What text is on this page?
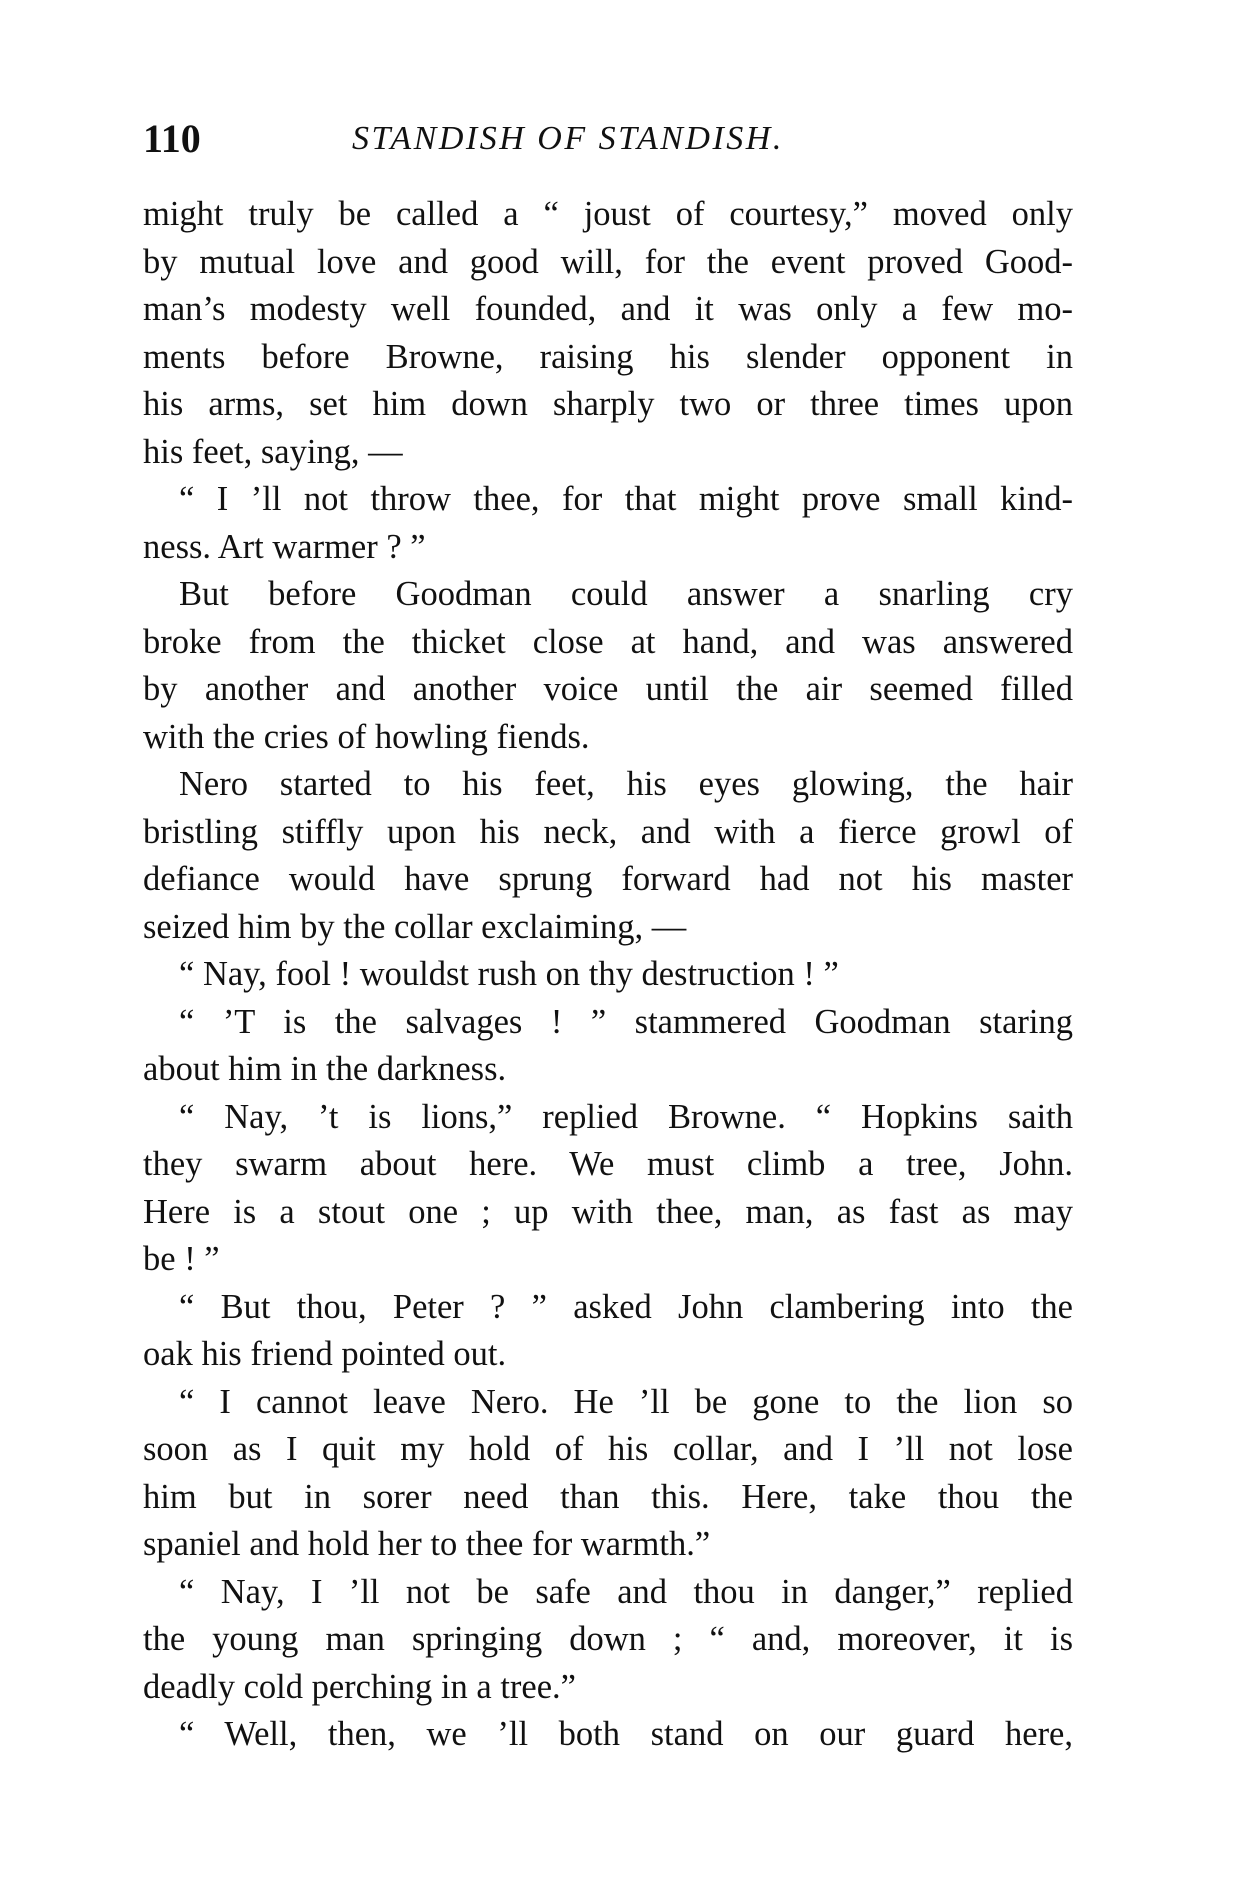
110	STANDISH OF STANDISH.
might truly be called a “ joust of courtesy,” moved only
by mutual love and good will, for the event proved Good-
man’s modesty well founded, and it was only a few mo-
ments before Browne, raising his slender opponent in
his arms, set him down sharply two or three times upon
his feet, saying, —
“ I ’ll not throw thee, for that might prove small kind-
ness. Art warmer ? ”
But before Goodman could answer a snarling cry
broke from the thicket close at hand, and was answered
by another and another voice until the air seemed filled
with the cries of howling fiends.
Nero started to his feet, his eyes glowing, the hair
bristling stiffly upon his neck, and with a fierce growl of
defiance would have sprung forward had not his master
seized him by the collar exclaiming, —
“ Nay, fool ! wouldst rush on thy destruction ! ”
“ ’T is the salvages ! ” stammered Goodman staring
about him in the darkness.
“ Nay, ’t is lions,” replied Browne. “ Hopkins saith
they swarm about here. We must climb a tree, John.
Here is a stout one ; up with thee, man, as fast as may
be ! ”
“ But thou, Peter ? ” asked John clambering into the
oak his friend pointed out.
“ I cannot leave Nero. He ’ll be gone to the lion so
soon as I quit my hold of his collar, and I ’ll not lose
him but in sorer need than this. Here, take thou the
spaniel and hold her to thee for warmth.”
“ Nay, I ’ll not be safe and thou in danger,” replied
the young man springing down ; “ and, moreover, it is
deadly cold perching in a tree.”
“ Well, then, we ’ll both stand on our guard here,
